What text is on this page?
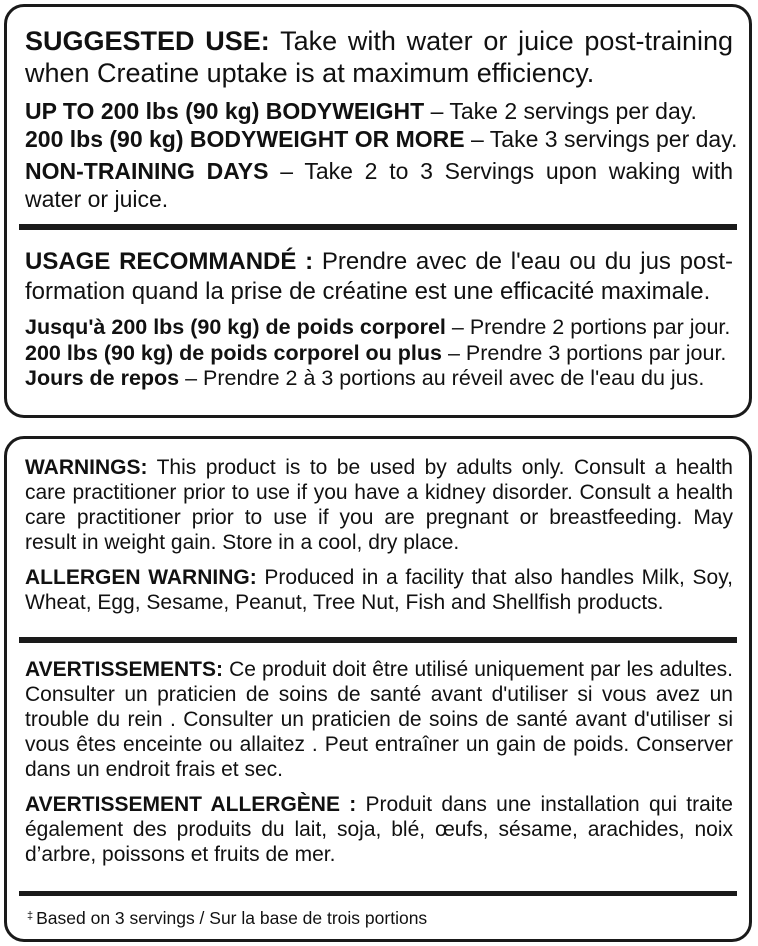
SUGGESTED USE: Take with water or juice post-training when Creatine uptake is at maximum efficiency.

UP TO 200 lbs (90 kg) BODYWEIGHT – Take 2 servings per day.

200 lbs (90 kg) BODYWEIGHT OR MORE – Take 3 servings per day.

NON-TRAINING DAYS – Take 2 to 3 Servings upon waking with water or juice.

USAGE RECOMMANDÉ : Prendre avec de l'eau ou du jus post-formation quand la prise de créatine est une efficacité maximale.

Jusqu'à 200 lbs (90 kg) de poids corporel – Prendre 2 portions par jour.

200 lbs (90 kg) de poids corporel ou plus – Prendre 3 portions par jour.

Jours de repos – Prendre 2 à 3 portions au réveil avec de l'eau du jus.

WARNINGS: This product is to be used by adults only. Consult a health care practitioner prior to use if you have a kidney disorder. Consult a health care practitioner prior to use if you are pregnant or breastfeeding. May result in weight gain. Store in a cool, dry place.

ALLERGEN WARNING: Produced in a facility that also handles Milk, Soy, Wheat, Egg, Sesame, Peanut, Tree Nut, Fish and Shellfish products.

AVERTISSEMENTS: Ce produit doit être utilisé uniquement par les adultes. Consulter un praticien de soins de santé avant d'utiliser si vous avez un trouble du rein . Consulter un praticien de soins de santé avant d'utiliser si vous êtes enceinte ou allaitez . Peut entraîner un gain de poids. Conserver dans un endroit frais et sec.

AVERTISSEMENT ALLERGÈNE : Produit dans une installation qui traite également des produits du lait, soja, blé, œufs, sésame, arachides, noix d’arbre, poissons et fruits de mer.

‡ Based on 3 servings / Sur la base de trois portions
